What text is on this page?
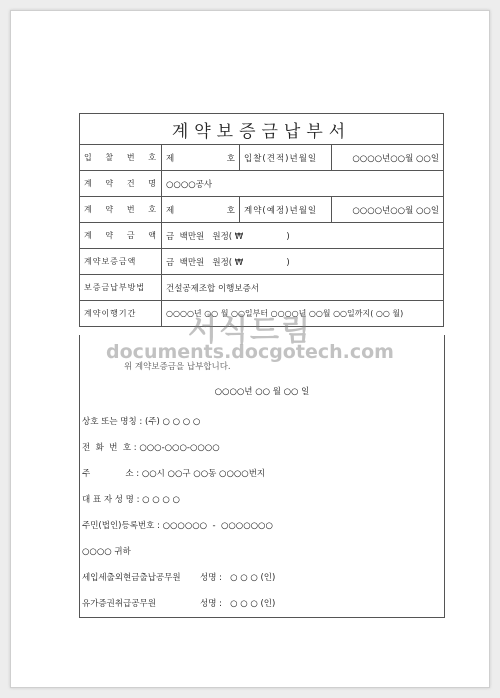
계약보증금납부서				
입 찰 번 호	제	호	입찰(견적)년월일	○○○○년○○월 ○○일
계 약 건 명	○○○○공사			
계 약 번 호	제	호	계약(예정)년월일	○○○○년○○월 ○○일
계 약 금 액	금  백만원   원정( ₩                )			
계약보증금액	금  백만원   원정( ₩                )			
보증금납부방법	건설공제조합 이행보증서			
계약이행기간	○○○○년 ○○ 월 ○○일부터 ○○○○년 ○○월 ○○일까지( ○○ 월)			
위 계약보증금을 납부합니다.
○○○○년 ○○ 월 ○○ 일
상호 또는 명칭 : (주) ○ ○ ○ ○
전  화  번  호 : ○○○-○○○-○○○○
주             소 : ○○시 ○○구 ○○동 ○○○○번지
대 표 자 성 명 : ○ ○ ○ ○
주민(법인)등록번호 : ○○○○○○  -  ○○○○○○○
○○○○ 귀하
세입세출외현금출납공무원 성명 :   ○ ○ ○ (인)
유가증권취급공무원	성명 :   ○ ○ ○ (인)
서식드림
documents.docgotech.com
